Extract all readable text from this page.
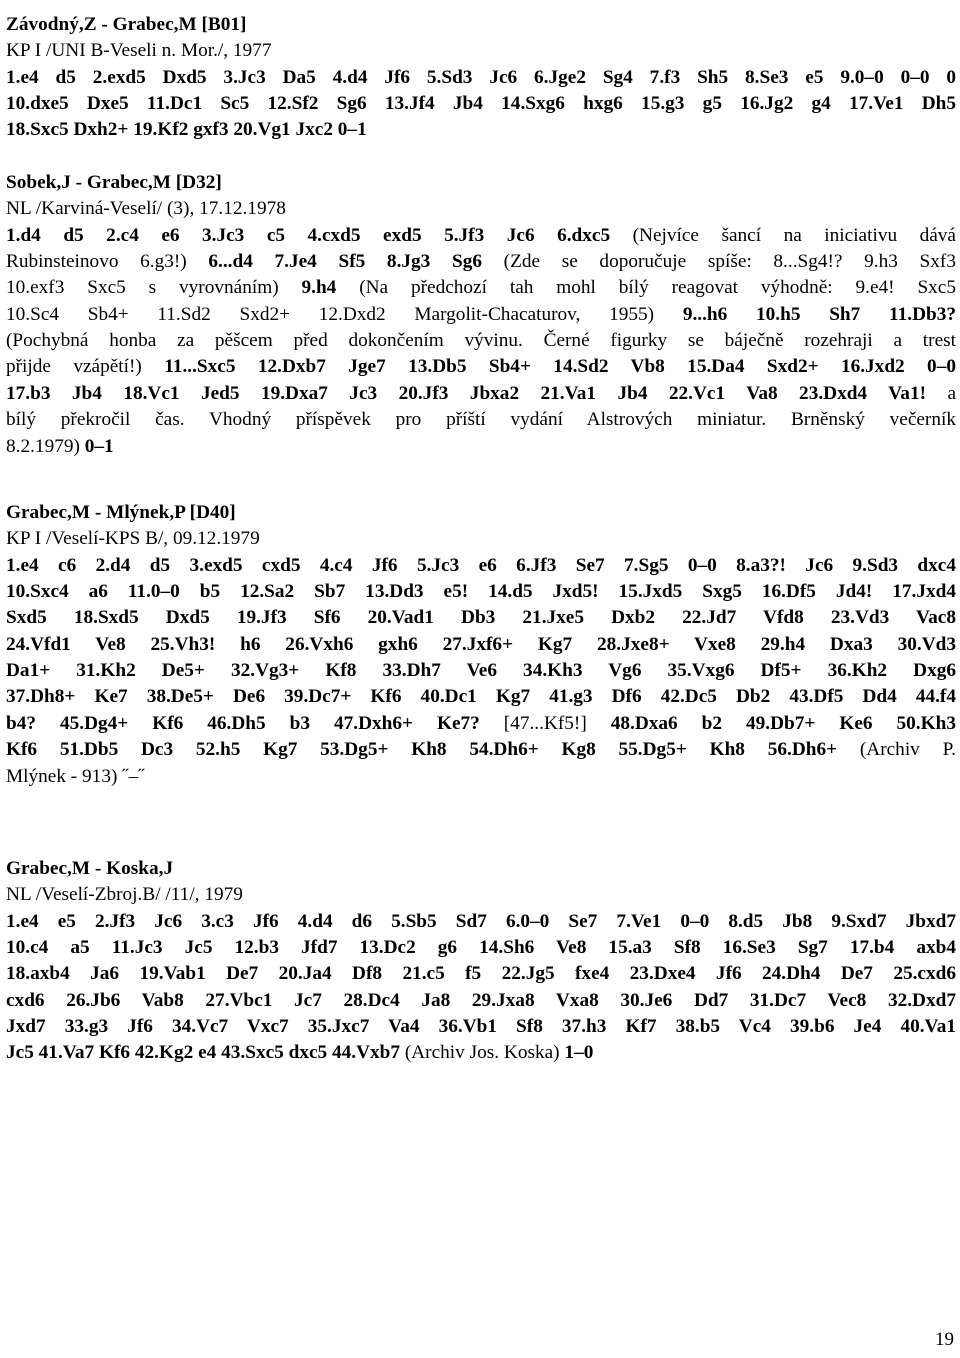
Závodný,Z - Grabec,M [B01]
KP I /UNI B-Veseli n. Mor./, 1977
1.e4 d5 2.exd5 Dxd5 3.Jc3 Da5 4.d4 Jf6 5.Sd3 Jc6 6.Jge2 Sg4 7.f3 Sh5 8.Se3 e5 9.0–0 0–0 0
10.dxe5 Dxe5 11.Dc1 Sc5 12.Sf2 Sg6 13.Jf4 Jb4 14.Sxg6 hxg6 15.g3 g5 16.Jg2 g4 17.Ve1 Dh5
18.Sxc5 Dxh2+ 19.Kf2 gxf3 20.Vg1 Jxc2 0–1
Sobek,J - Grabec,M [D32]
NL /Karviná-Veselí/ (3), 17.12.1978
1.d4 d5 2.c4 e6 3.Jc3 c5 4.cxd5 exd5 5.Jf3 Jc6 6.dxc5 (Nejvíce šancí na iniciativu dává
Rubinsteinovo 6.g3!) 6...d4 7.Je4 Sf5 8.Jg3 Sg6 (Zde se doporučuje spíše: 8...Sg4!? 9.h3 Sxf3
10.exf3 Sxc5 s vyrovnáním) 9.h4 (Na předchozí tah mohl bílý reagovat výhodně: 9.e4! Sxc5
10.Sc4 Sb4+ 11.Sd2 Sxd2+ 12.Dxd2 Margolit-Chacaturov, 1955) 9...h6 10.h5 Sh7 11.Db3?
(Pochybná honba za pěšcem před dokončením vývinu. Černé figurky se báječně rozehraji a trest
přijde vzápětí!) 11...Sxc5 12.Dxb7 Jge7 13.Db5 Sb4+ 14.Sd2 Vb8 15.Da4 Sxd2+ 16.Jxd2 0–0
17.b3 Jb4 18.Vc1 Jed5 19.Dxa7 Jc3 20.Jf3 Jbxa2 21.Va1 Jb4 22.Vc1 Va8 23.Dxd4 Va1! a
bílý překročil čas. Vhodný příspěvek pro příští vydání Alstrových miniatur. Brněnský večerník
8.2.1979) 0–1
Grabec,M - Mlýnek,P [D40]
KP I /Veselí-KPS B/, 09.12.1979
1.e4 c6 2.d4 d5 3.exd5 cxd5 4.c4 Jf6 5.Jc3 e6 6.Jf3 Se7 7.Sg5 0–0 8.a3?! Jc6 9.Sd3 dxc4
10.Sxc4 a6 11.0–0 b5 12.Sa2 Sb7 13.Dd3 e5! 14.d5 Jxd5! 15.Jxd5 Sxg5 16.Df5 Jd4! 17.Jxd4
Sxd5 18.Sxd5 Dxd5 19.Jf3 Sf6 20.Vad1 Db3 21.Jxe5 Dxb2 22.Jd7 Vfd8 23.Vd3 Vac8
24.Vfd1 Ve8 25.Vh3! h6 26.Vxh6 gxh6 27.Jxf6+ Kg7 28.Jxe8+ Vxe8 29.h4 Dxa3 30.Vd3
Da1+ 31.Kh2 De5+ 32.Vg3+ Kf8 33.Dh7 Ve6 34.Kh3 Vg6 35.Vxg6 Df5+ 36.Kh2 Dxg6
37.Dh8+ Ke7 38.De5+ De6 39.Dc7+ Kf6 40.Dc1 Kg7 41.g3 Df6 42.Dc5 Db2 43.Df5 Dd4 44.f4
b4? 45.Dg4+ Kf6 46.Dh5 b3 47.Dxh6+ Ke7? [47...Kf5!] 48.Dxa6 b2 49.Db7+ Ke6 50.Kh3
Kf6 51.Db5 Dc3 52.h5 Kg7 53.Dg5+ Kh8 54.Dh6+ Kg8 55.Dg5+ Kh8 56.Dh6+ (Archiv P.
Mlýnek - 913) ˝–˝
Grabec,M - Koska,J
NL /Veselí-Zbroj.B/ /11/, 1979
1.e4 e5 2.Jf3 Jc6 3.c3 Jf6 4.d4 d6 5.Sb5 Sd7 6.0–0 Se7 7.Ve1 0–0 8.d5 Jb8 9.Sxd7 Jbxd7
10.c4 a5 11.Jc3 Jc5 12.b3 Jfd7 13.Dc2 g6 14.Sh6 Ve8 15.a3 Sf8 16.Se3 Sg7 17.b4 axb4
18.axb4 Ja6 19.Vab1 De7 20.Ja4 Df8 21.c5 f5 22.Jg5 fxe4 23.Dxe4 Jf6 24.Dh4 De7 25.cxd6
cxd6 26.Jb6 Vab8 27.Vbc1 Jc7 28.Dc4 Ja8 29.Jxa8 Vxa8 30.Je6 Dd7 31.Dc7 Vec8 32.Dxd7
Jxd7 33.g3 Jf6 34.Vc7 Vxc7 35.Jxc7 Va4 36.Vb1 Sf8 37.h3 Kf7 38.b5 Vc4 39.b6 Je4 40.Va1
Jc5 41.Va7 Kf6 42.Kg2 e4 43.Sxc5 dxc5 44.Vxb7 (Archiv Jos. Koska) 1–0
19
